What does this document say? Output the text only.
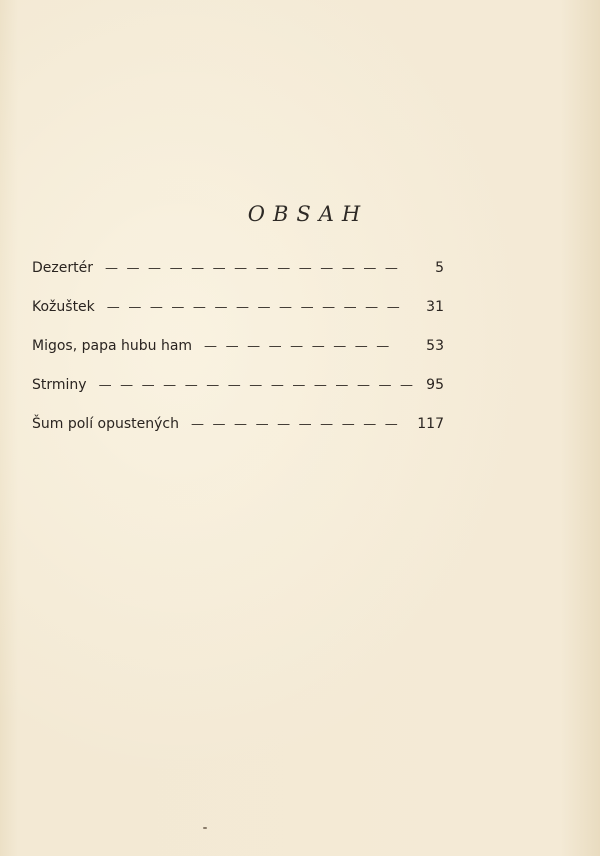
OBSAH
Dezertér — — — — — — — — — — — — — —	5
Kožuštek — — — — — — — — — — — — — —	31
Migos, papa hubu ham — — — — — — — — —	53
Strminy — — — — — — — — — — — — — — — 95
Šum polí opustených — — — — — — — — — —	117
